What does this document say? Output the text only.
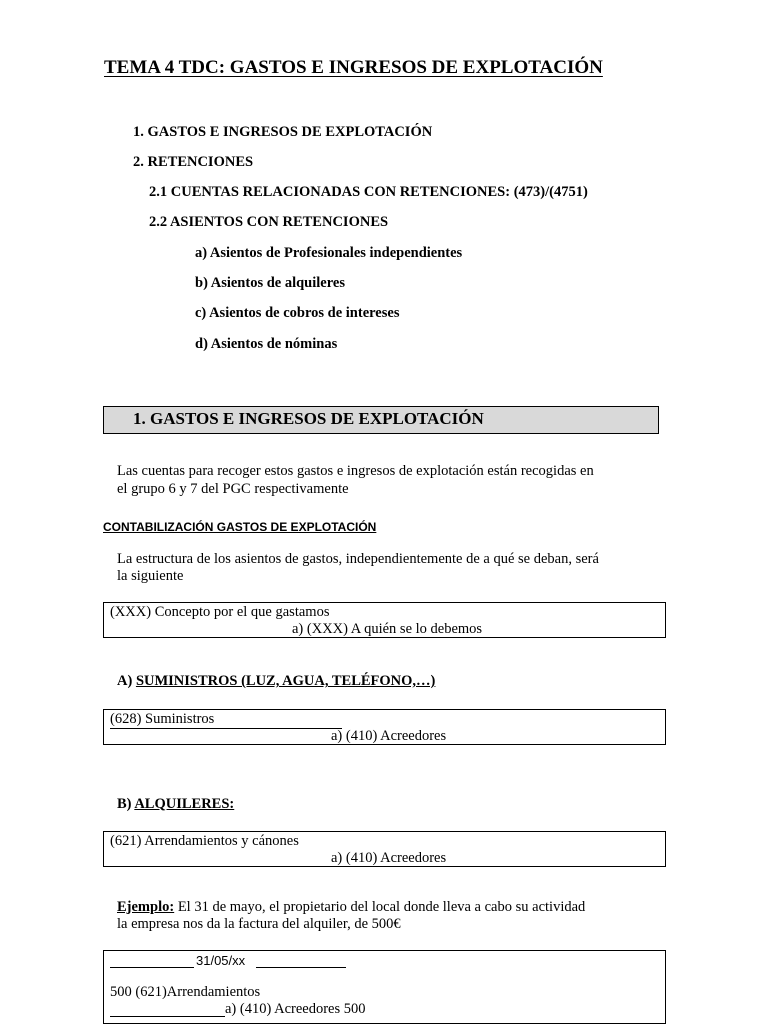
TEMA 4 TDC: GASTOS E INGRESOS DE EXPLOTACIÓN
1. GASTOS E INGRESOS DE EXPLOTACIÓN
2. RETENCIONES
2.1 CUENTAS RELACIONADAS CON RETENCIONES: (473)/(4751)
2.2 ASIENTOS CON RETENCIONES
a) Asientos de Profesionales independientes
b) Asientos de alquileres
c) Asientos de cobros de intereses
d) Asientos de nóminas
1. GASTOS E INGRESOS DE EXPLOTACIÓN
Las cuentas para recoger estos gastos e ingresos de explotación están recogidas en
el grupo 6 y 7 del PGC respectivamente
CONTABILIZACIÓN GASTOS DE EXPLOTACIÓN
La estructura de los asientos de gastos, independientemente de a qué se deban, será
la siguiente
(XXX) Concepto por el que gastamos
a) (XXX) A quién se lo debemos
A) SUMINISTROS (LUZ, AGUA, TELÉFONO,…)
(628) Suministros
a) (410) Acreedores
B) ALQUILERES:
(621) Arrendamientos y cánones
a) (410) Acreedores
Ejemplo: El 31 de mayo, el propietario del local donde lleva a cabo su actividad
la empresa nos da la factura del alquiler, de 500€
31/05/xx
500 (621)Arrendamientos
a) (410) Acreedores 500
